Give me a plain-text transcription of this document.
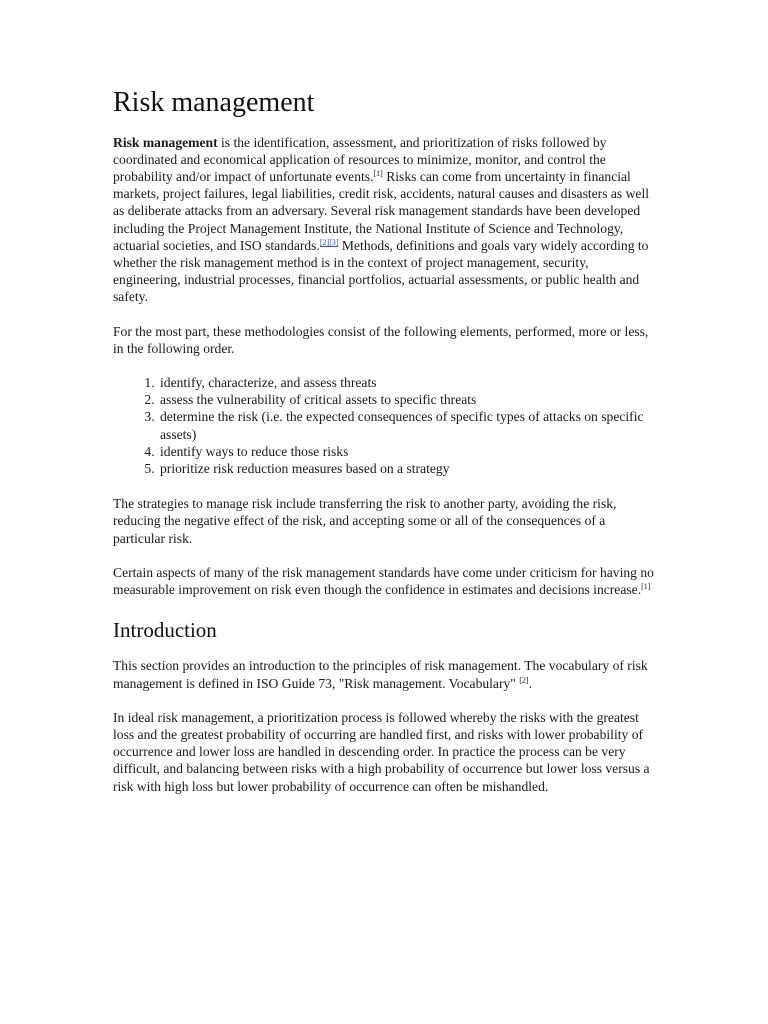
Risk management

Risk management is the identification, assessment, and prioritization of risks followed by coordinated and economical application of resources to minimize, monitor, and control the probability and/or impact of unfortunate events.[1] Risks can come from uncertainty in financial markets, project failures, legal liabilities, credit risk, accidents, natural causes and disasters as well as deliberate attacks from an adversary. Several risk management standards have been developed including the Project Management Institute, the National Institute of Science and Technology, actuarial societies, and ISO standards.[2][3] Methods, definitions and goals vary widely according to whether the risk management method is in the context of project management, security, engineering, industrial processes, financial portfolios, actuarial assessments, or public health and safety.

For the most part, these methodologies consist of the following elements, performed, more or less, in the following order.

1. identify, characterize, and assess threats
2. assess the vulnerability of critical assets to specific threats
3. determine the risk (i.e. the expected consequences of specific types of attacks on specific assets)
4. identify ways to reduce those risks
5. prioritize risk reduction measures based on a strategy

The strategies to manage risk include transferring the risk to another party, avoiding the risk, reducing the negative effect of the risk, and accepting some or all of the consequences of a particular risk.

Certain aspects of many of the risk management standards have come under criticism for having no measurable improvement on risk even though the confidence in estimates and decisions increase.[1]

Introduction

This section provides an introduction to the principles of risk management. The vocabulary of risk management is defined in ISO Guide 73, "Risk management. Vocabulary" [2].

In ideal risk management, a prioritization process is followed whereby the risks with the greatest loss and the greatest probability of occurring are handled first, and risks with lower probability of occurrence and lower loss are handled in descending order. In practice the process can be very difficult, and balancing between risks with a high probability of occurrence but lower loss versus a risk with high loss but lower probability of occurrence can often be mishandled.
